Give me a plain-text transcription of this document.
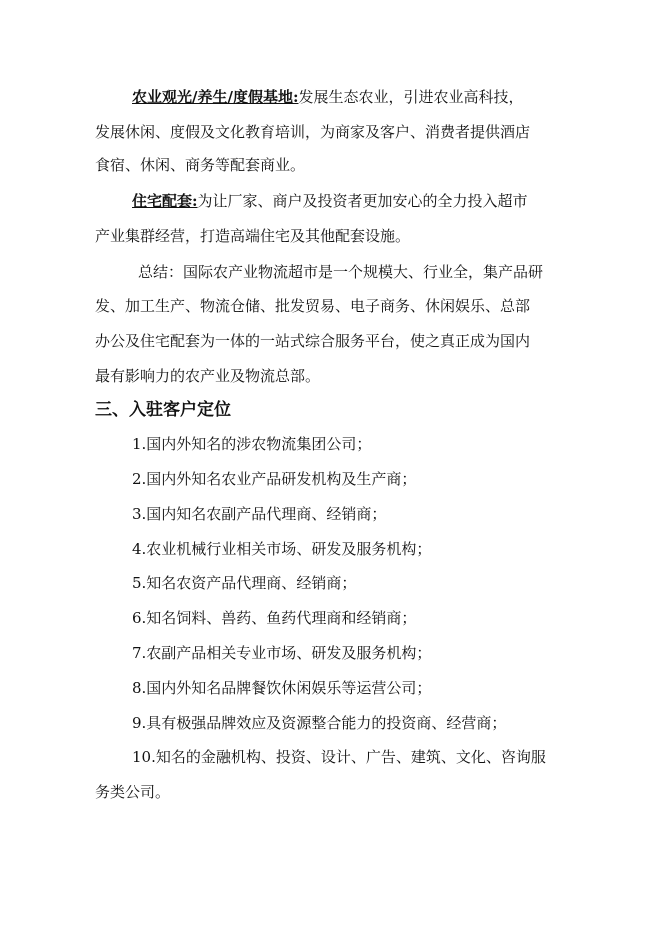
农业观光/养生/度假基地:发展生态农业，引进农业高科技，
发展休闲、度假及文化教育培训，为商家及客户、消费者提供酒店
食宿、休闲、商务等配套商业。
住宅配套:为让厂家、商户及投资者更加安心的全力投入超市
产业集群经营，打造高端住宅及其他配套设施。
总结：国际农产业物流超市是一个规模大、行业全，集产品研
发、加工生产、物流仓储、批发贸易、电子商务、休闲娱乐、总部
办公及住宅配套为一体的一站式综合服务平台，使之真正成为国内
最有影响力的农产业及物流总部。
三、入驻客户定位
1.国内外知名的涉农物流集团公司；
2.国内外知名农业产品研发机构及生产商；
3.国内知名农副产品代理商、经销商；
4.农业机械行业相关市场、研发及服务机构；
5.知名农资产品代理商、经销商；
6.知名饲料、兽药、鱼药代理商和经销商；
7.农副产品相关专业市场、研发及服务机构；
8.国内外知名品牌餐饮休闲娱乐等运营公司；
9.具有极强品牌效应及资源整合能力的投资商、经营商；
10.知名的金融机构、投资、设计、广告、建筑、文化、咨询服
务类公司。
